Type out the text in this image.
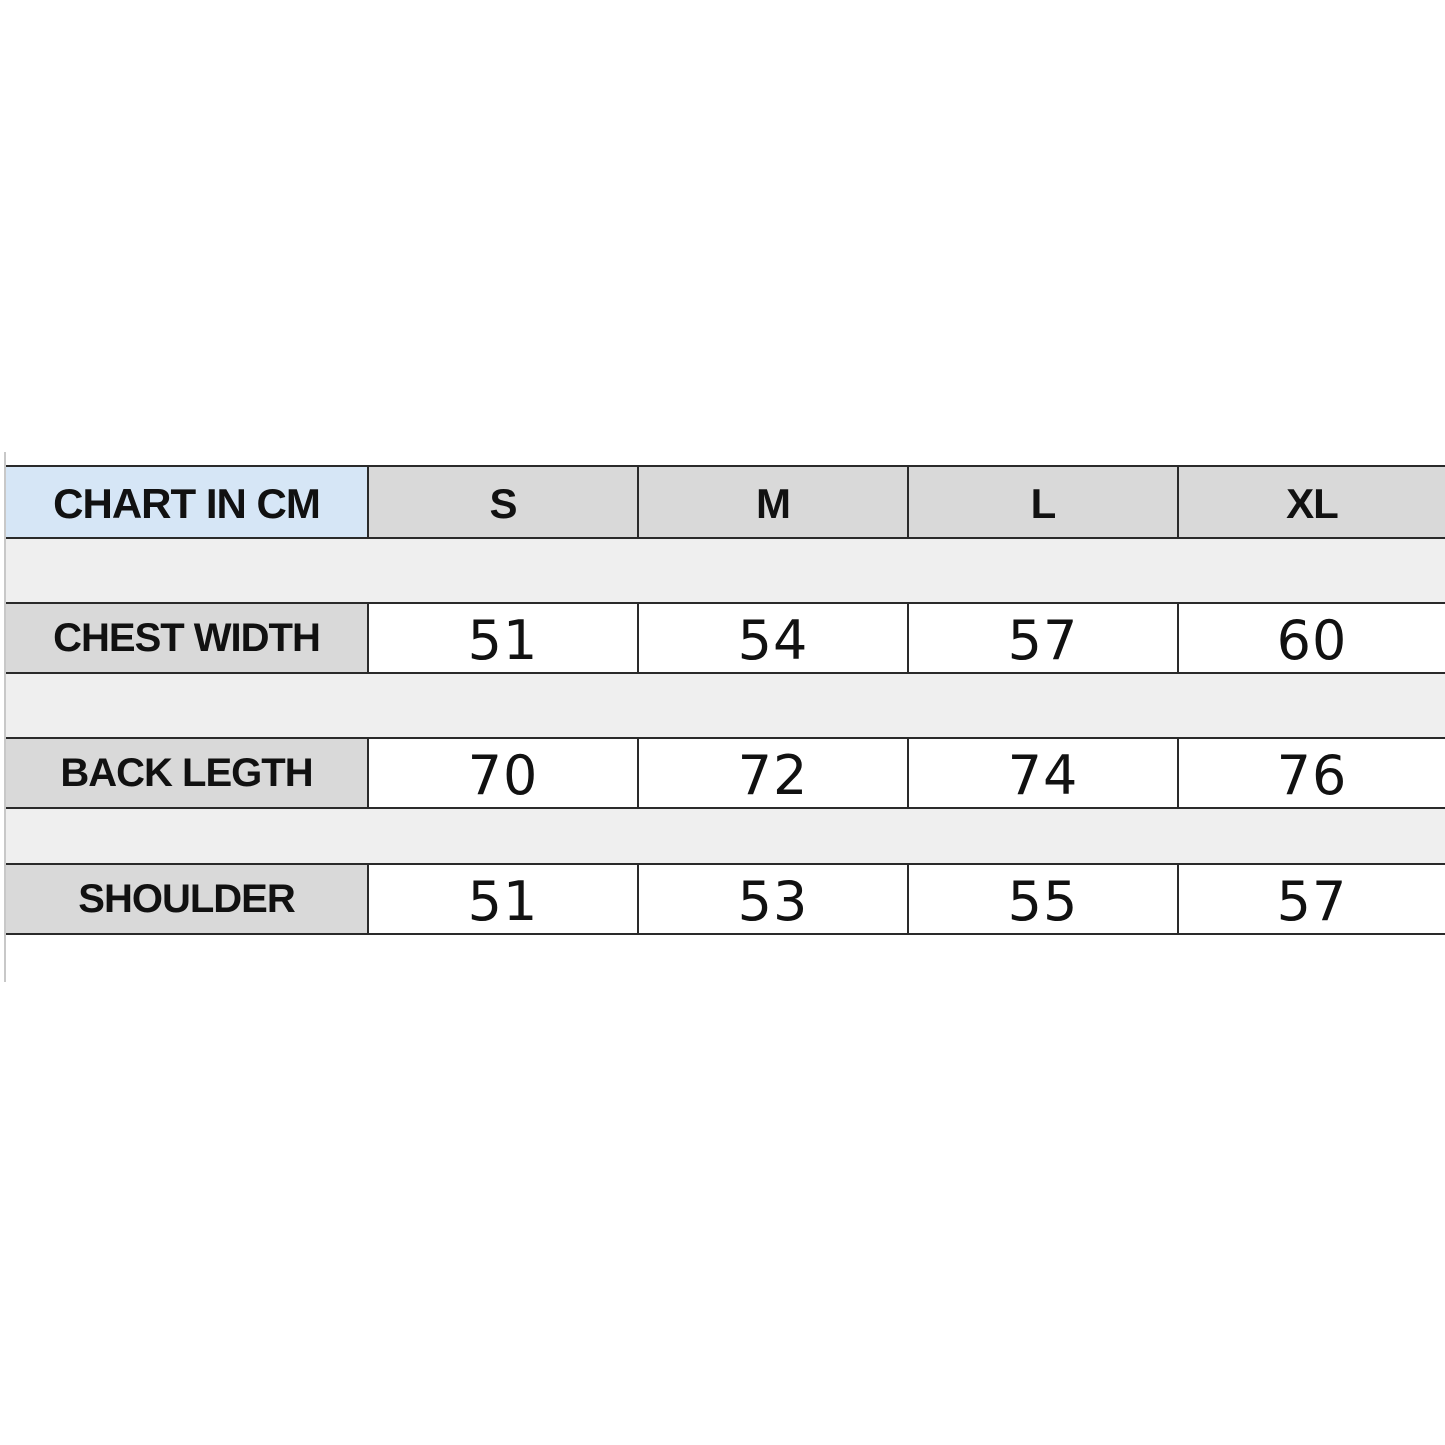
CHART IN CM	S	M	L	XL
CHEST WIDTH	51	54	57	60
BACK LEGTH	70	72	74	76
SHOULDER	51	53	55	57
